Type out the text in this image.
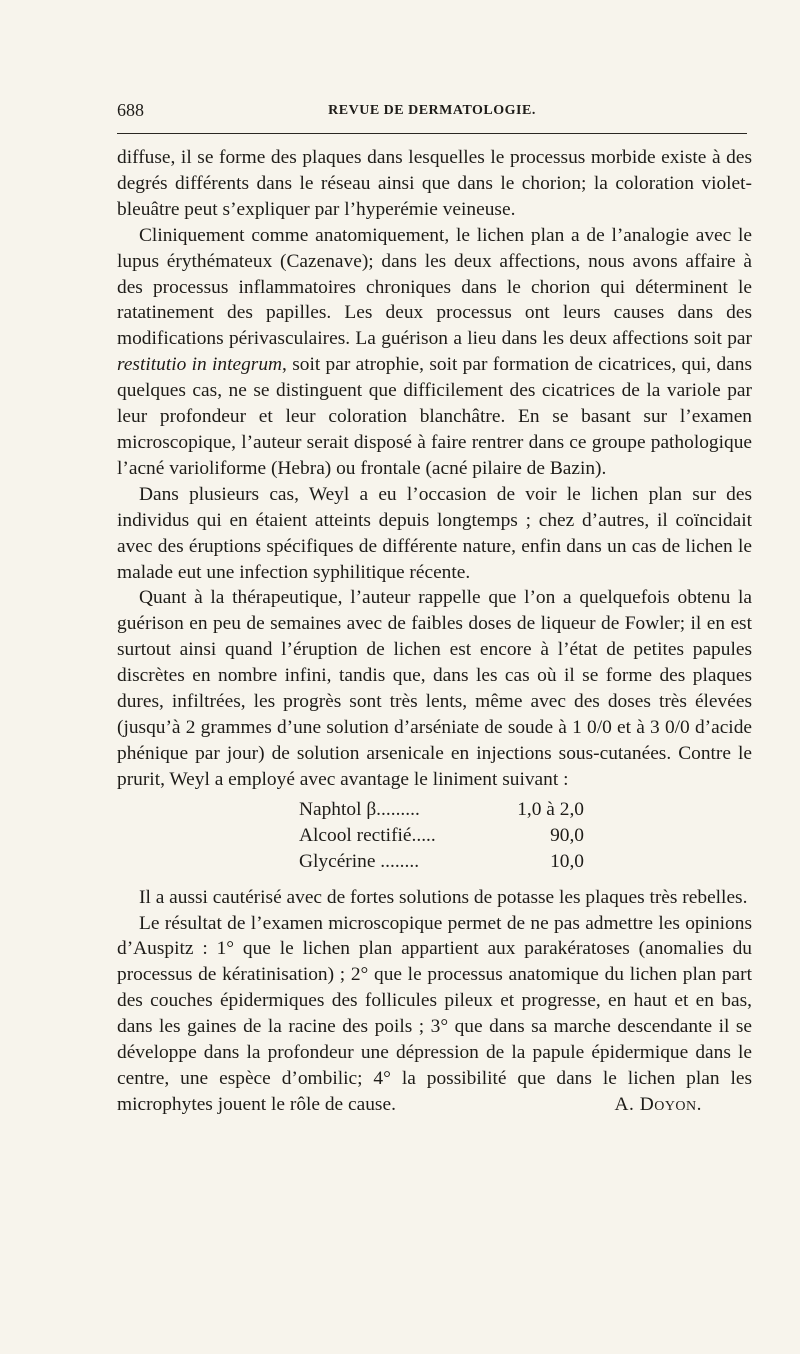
688	REVUE DE DERMATOLOGIE.

diffuse, il se forme des plaques dans lesquelles le processus morbide existe à des degrés différents dans le réseau ainsi que dans le chorion; la coloration violet-bleuâtre peut s’expliquer par l’hyperémie veineuse.

Cliniquement comme anatomiquement, le lichen plan a de l’analogie avec le lupus érythémateux (Cazenave); dans les deux affections, nous avons affaire à des processus inflammatoires chroniques dans le chorion qui déterminent le ratatinement des papilles. Les deux processus ont leurs causes dans des modifications périvasculaires. La guérison a lieu dans les deux affections soit par restitutio in integrum, soit par atrophie, soit par formation de cicatrices, qui, dans quelques cas, ne se distinguent que difficilement des cicatrices de la variole par leur profondeur et leur coloration blanchâtre. En se basant sur l’examen microscopique, l’auteur serait disposé à faire rentrer dans ce groupe pathologique l’acné varioliforme (Hebra) ou frontale (acné pilaire de Bazin).

Dans plusieurs cas, Weyl a eu l’occasion de voir le lichen plan sur des individus qui en étaient atteints depuis longtemps ; chez d’autres, il coïncidait avec des éruptions spécifiques de différente nature, enfin dans un cas de lichen le malade eut une infection syphilitique récente.

Quant à la thérapeutique, l’auteur rappelle que l’on a quelquefois obtenu la guérison en peu de semaines avec de faibles doses de liqueur de Fowler; il en est surtout ainsi quand l’éruption de lichen est encore à l’état de petites papules discrètes en nombre infini, tandis que, dans les cas où il se forme des plaques dures, infiltrées, les progrès sont très lents, même avec des doses très élevées (jusqu’à 2 grammes d’une solution d’arséniate de soude à 1 0/0 et à 3 0/0 d’acide phénique par jour) de solution arsenicale en injections sous-cutanées. Contre le prurit, Weyl a employé avec avantage le liniment suivant :

Naphtol β.........	1,0 à 2,0
Alcool rectifié.....	90,0
Glycérine ........	10,0

Il a aussi cautérisé avec de fortes solutions de potasse les plaques très rebelles.

Le résultat de l’examen microscopique permet de ne pas admettre les opinions d’Auspitz : 1° que le lichen plan appartient aux parakératoses (anomalies du processus de kératinisation) ; 2° que le processus anatomique du lichen plan part des couches épidermiques des follicules pileux et progresse, en haut et en bas, dans les gaines de la racine des poils ; 3° que dans sa marche descendante il se développe dans la profondeur une dépression de la papule épidermique dans le centre, une espèce d’ombilic; 4° la possibilité que dans le lichen plan les microphytes jouent le rôle de cause.	A. Doyon.
